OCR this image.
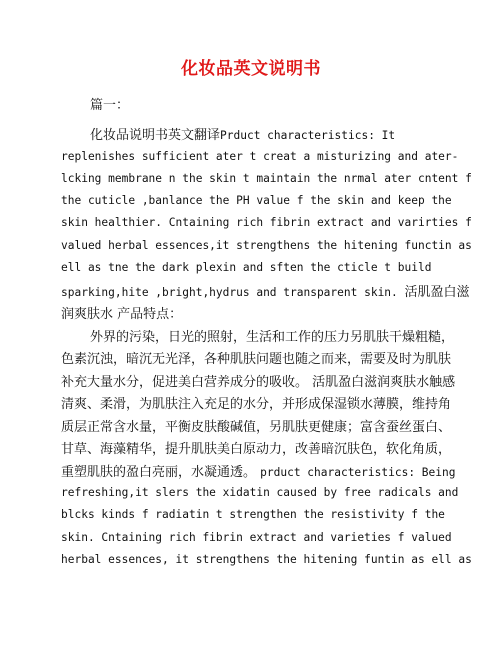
化妆品英文说明书
篇一：
化妆品说明书英文翻译Prduct characteristics: It
replenishes sufficient ater t creat a misturizing and ater-
lcking membrane n the skin t maintain the nrmal ater cntent f
the cuticle ,banlance the PH value f the skin and keep the
skin healthier. Cntaining rich fibrin extract and varirties f
valued herbal essences,it strengthens the hitening functin as
ell as tne the dark plexin and sften the cticle t build
sparking,hite ,bright,hydrus and transparent skin. 活肌盈白滋
润爽肤水 产品特点：
外界的污染，日光的照射，生活和工作的压力另肌肤干燥粗糙，
色素沉浊，暗沉无光泽，各种肌肤问题也随之而来，需要及时为肌肤
补充大量水分，促进美白营养成分的吸收。 活肌盈白滋润爽肤水触感
清爽、柔滑，为肌肤注入充足的水分，并形成保湿锁水薄膜，维持角
质层正常含水量，平衡皮肤酸碱值，另肌肤更健康；富含蚕丝蛋白、
甘草、海藻精华，提升肌肤美白原动力，改善暗沉肤色，软化角质，
重塑肌肤的盈白亮丽，水凝通透。 prduct characteristics: Being
refreshing,it slers the xidatin caused by free radicals and
blcks kinds f radiatin t strengthen the resistivity f the
skin. Cntaining rich fibrin extract and varieties f valued
herbal essences, it strengthens the hitening funtin as ell as
